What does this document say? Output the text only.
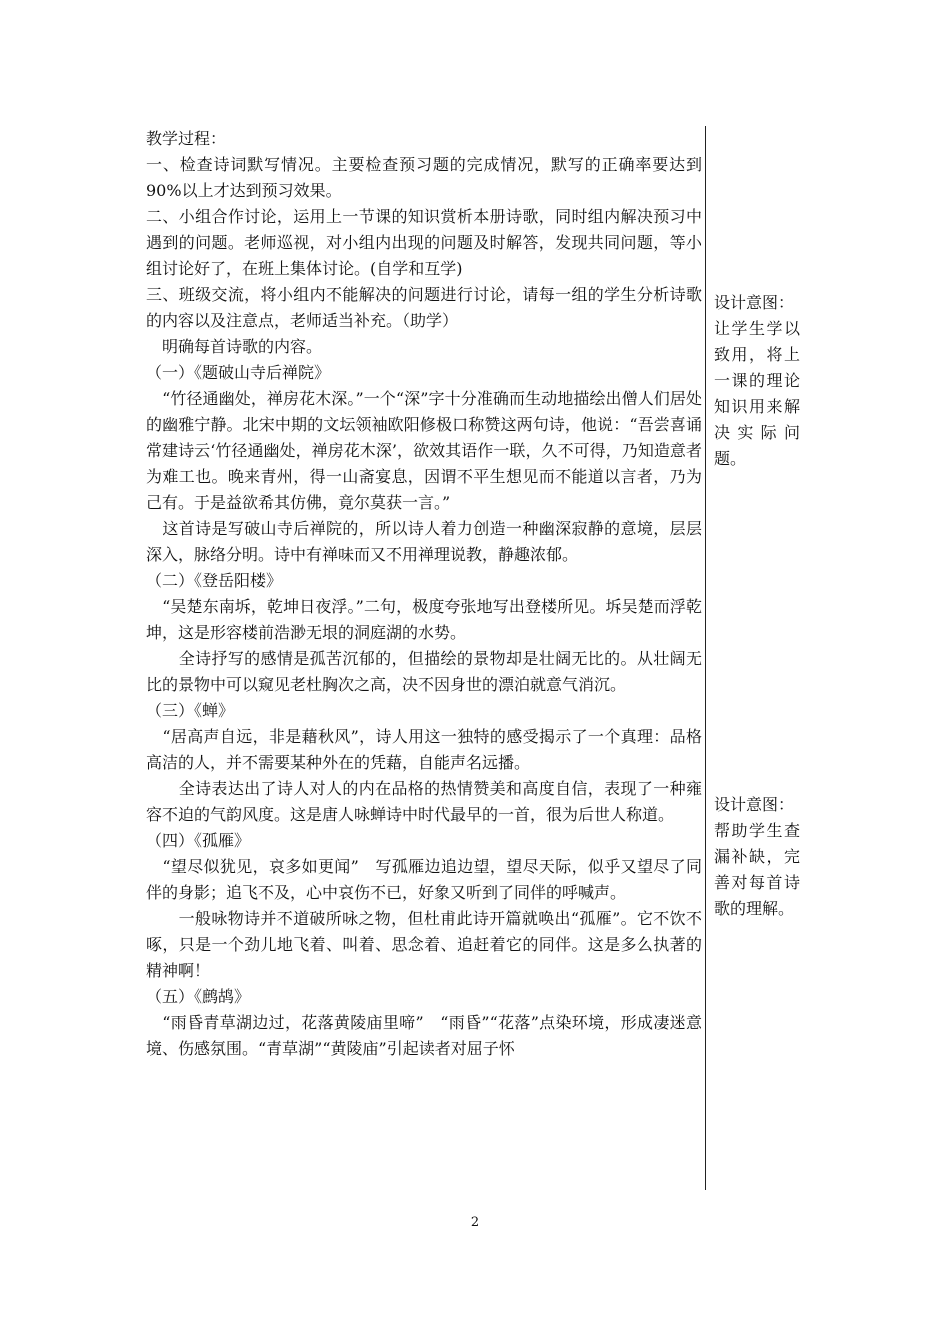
教学过程：

一、检查诗词默写情况。主要检查预习题的完成情况，默写的正确率要达到90%以上才达到预习效果。

二、小组合作讨论，运用上一节课的知识赏析本册诗歌，同时组内解决预习中遇到的问题。老师巡视，对小组内出现的问题及时解答，发现共同问题，等小组讨论好了，在班上集体讨论。(自学和互学)

三、班级交流，将小组内不能解决的问题进行讨论，请每一组的学生分析诗歌的内容以及注意点，老师适当补充。（助学）

　明确每首诗歌的内容。

（一）《题破山寺后禅院》

　“竹径通幽处，禅房花木深。”一个“深”字十分准确而生动地描绘出僧人们居处的幽雅宁静。北宋中期的文坛领袖欧阳修极口称赞这两句诗，他说：“吾尝喜诵常建诗云‘竹径通幽处，禅房花木深’，欲效其语作一联，久不可得，乃知造意者为难工也。晚来青州，得一山斋宴息，因谓不平生想见而不能道以言者，乃为己有。于是益欲希其仿佛，竟尔莫获一言。”

　这首诗是写破山寺后禅院的，所以诗人着力创造一种幽深寂静的意境，层层深入，脉络分明。诗中有禅味而又不用禅理说教，静趣浓郁。

（二）《登岳阳楼》

　“吴楚东南坼，乾坤日夜浮。”二句，极度夸张地写出登楼所见。坼吴楚而浮乾坤，这是形容楼前浩渺无垠的洞庭湖的水势。

　　全诗抒写的感情是孤苦沉郁的，但描绘的景物却是壮阔无比的。从壮阔无比的景物中可以窥见老杜胸次之高，决不因身世的漂泊就意气消沉。

（三）《蝉》

　“居高声自远，非是藉秋风”，诗人用这一独特的感受揭示了一个真理：品格高洁的人，并不需要某种外在的凭藉，自能声名远播。

　　全诗表达出了诗人对人的内在品格的热情赞美和高度自信，表现了一种雍容不迫的气韵风度。这是唐人咏蝉诗中时代最早的一首，很为后世人称道。

（四）《孤雁》

　“望尽似犹见，哀多如更闻”　写孤雁边追边望，望尽天际，似乎又望尽了同伴的身影；追飞不及，心中哀伤不已，好象又听到了同伴的呼喊声。

　　一般咏物诗并不道破所咏之物，但杜甫此诗开篇就唤出“孤雁”。它不饮不啄，只是一个劲儿地飞着、叫着、思念着、追赶着它的同伴。这是多么执著的精神啊！

（五）《鹧鸪》

　“雨昏青草湖边过，花落黄陵庙里啼”　“雨昏”“花落”点染环境，形成凄迷意境、伤感氛围。“青草湖”“黄陵庙”引起读者对屈子怀

设计意图：

让学生学以致用，将上一课的理论知识用来解决实际问题。

设计意图：

帮助学生查漏补缺，完善对每首诗歌的理解。

2
